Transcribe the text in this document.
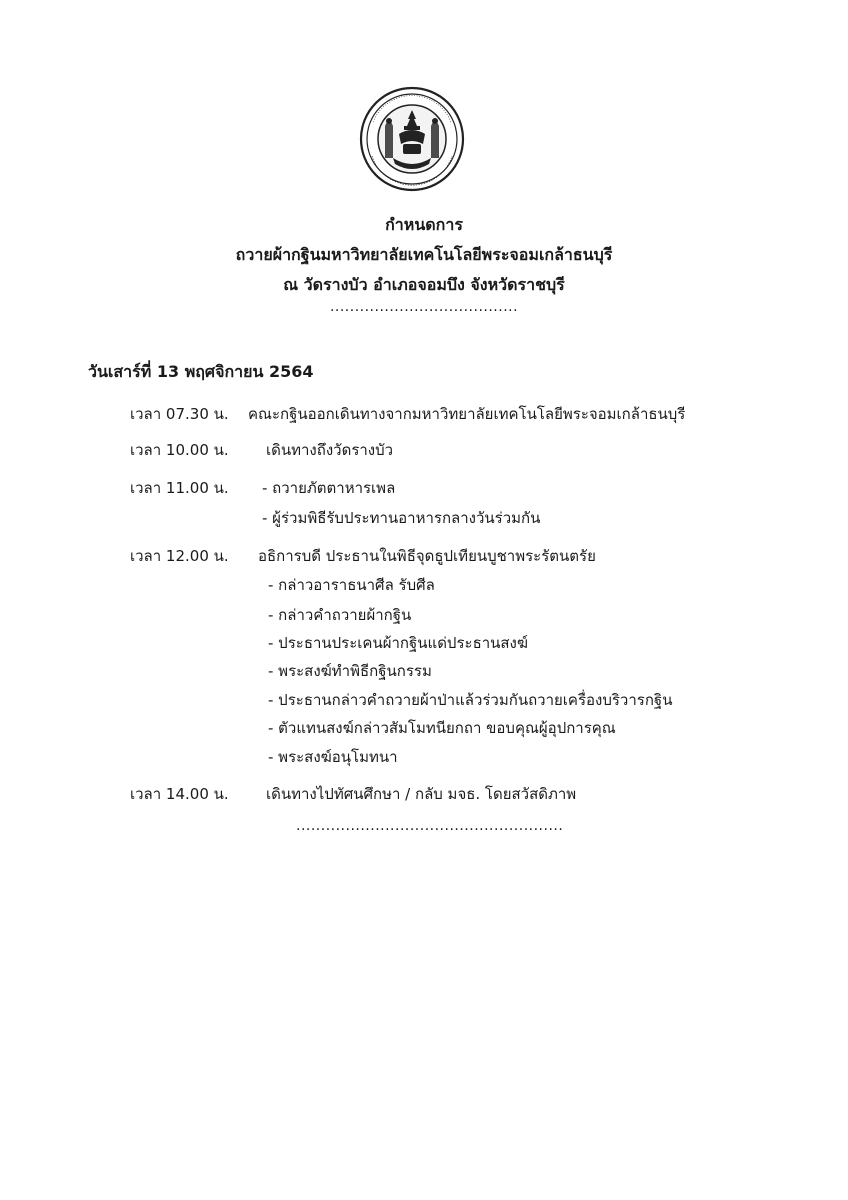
กำหนดการ
ถวายผ้ากฐินมหาวิทยาลัยเทคโนโลยีพระจอมเกล้าธนบุรี
ณ วัดรางบัว อำเภอจอมบึง จังหวัดราชบุรี
......................................
วันเสาร์ที่ 13 พฤศจิกายน 2564
เวลา 07.30 น. คณะกฐินออกเดินทางจากมหาวิทยาลัยเทคโนโลยีพระจอมเกล้าธนบุรี
เวลา 10.00 น. เดินทางถึงวัดรางบัว
เวลา 11.00 น. - ถวายภัตตาหารเพล
- ผู้ร่วมพิธีรับประทานอาหารกลางวันร่วมกัน
เวลา 12.00 น. อธิการบดี ประธานในพิธีจุดธูปเทียนบูชาพระรัตนตรัย
- กล่าวอาราธนาศีล รับศีล
- กล่าวคำถวายผ้ากฐิน
- ประธานประเคนผ้ากฐินแด่ประธานสงฆ์
- พระสงฆ์ทำพิธีกฐินกรรม
- ประธานกล่าวคำถวายผ้าป่าแล้วร่วมกันถวายเครื่องบริวารกฐิน
- ตัวแทนสงฆ์กล่าวสัมโมทนียกถา ขอบคุณผู้อุปการคุณ
- พระสงฆ์อนุโมทนา
เวลา 14.00 น. เดินทางไปทัศนศึกษา / กลับ มจธ. โดยสวัสดิภาพ
......................................................
